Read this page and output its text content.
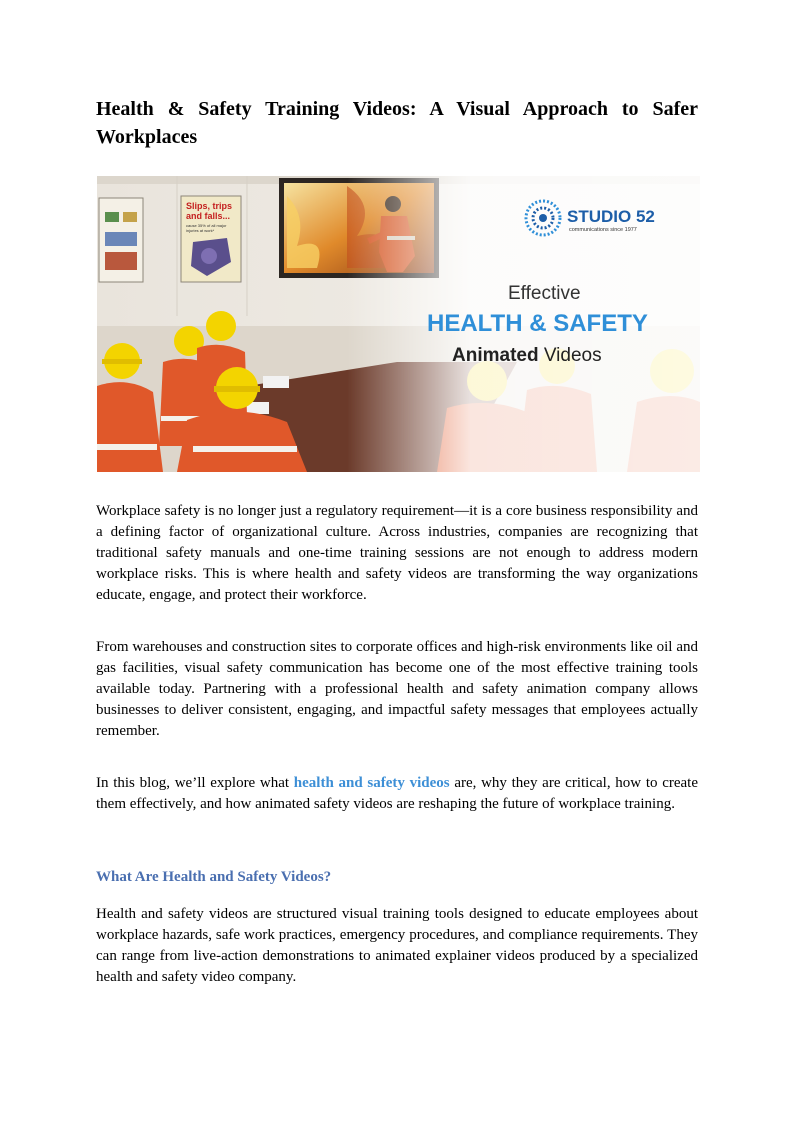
Health & Safety Training Videos: A Visual Approach to Safer Workplaces
Slips, trips
and falls...
cause 35% of all major
injuries at work*
STUDIO 52
communications since 1977
Effective
HEALTH & SAFETY
Animated Videos

Workplace safety is no longer just a regulatory requirement—it is a core business responsibility and a defining factor of organizational culture. Across industries, companies are recognizing that traditional safety manuals and one-time training sessions are not enough to address modern workplace risks. This is where health and safety videos are transforming the way organizations educate, engage, and protect their workforce.

From warehouses and construction sites to corporate offices and high-risk environments like oil and gas facilities, visual safety communication has become one of the most effective training tools available today. Partnering with a professional health and safety animation company allows businesses to deliver consistent, engaging, and impactful safety messages that employees actually remember.

In this blog, we’ll explore what health and safety videos are, why they are critical, how to create them effectively, and how animated safety videos are reshaping the future of workplace training.

What Are Health and Safety Videos?

Health and safety videos are structured visual training tools designed to educate employees about workplace hazards, safe work practices, emergency procedures, and compliance requirements. They can range from live-action demonstrations to animated explainer videos produced by a specialized health and safety video company.
